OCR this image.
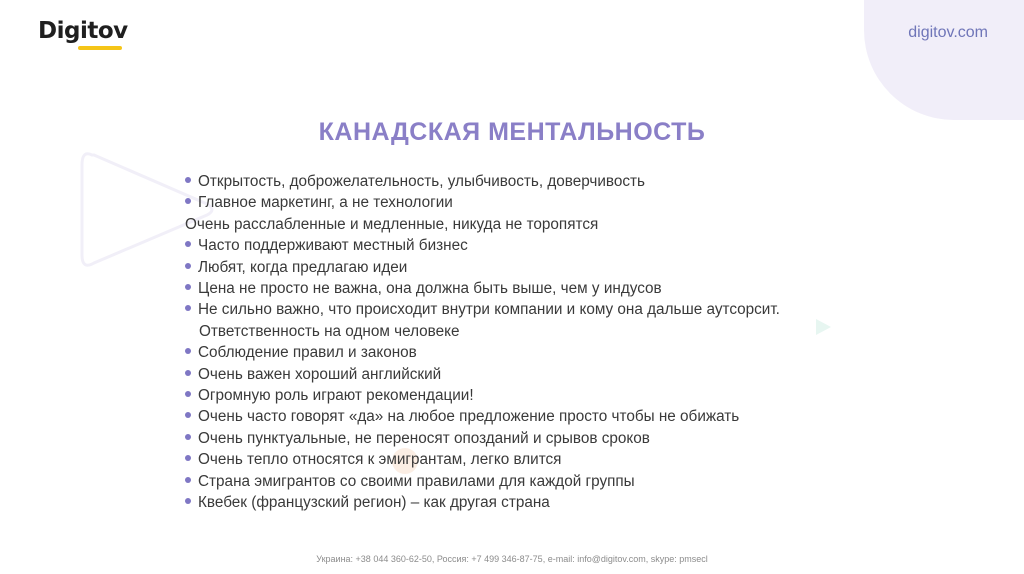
Digitov	digitov.com
КАНАДСКАЯ МЕНТАЛЬНОСТЬ
Открытость, доброжелательность, улыбчивость, доверчивость
Главное маркетинг, а не технологии
Очень расслабленные и медленные, никуда не торопятся
Часто поддерживают местный бизнес
Любят, когда предлагаю идеи
Цена не просто не важна, она должна быть выше, чем у индусов
Не сильно важно, что происходит внутри компании и кому она дальше аутсорсит.
Ответственность на одном человеке
Соблюдение правил и законов
Очень важен хороший английский
Огромную роль играют рекомендации!
Очень часто говорят «да» на любое предложение просто чтобы не обижать
Очень пунктуальные, не переносят опозданий и срывов сроков
Очень тепло относятся к эмигрантам, легко влится
Страна эмигрантов со своими правилами для каждой группы
Квебек (французский регион) – как другая страна
Украина: +38 044 360-62-50, Россия: +7 499 346-87-75, e-mail: info@digitov.com, skype: pmsecl
